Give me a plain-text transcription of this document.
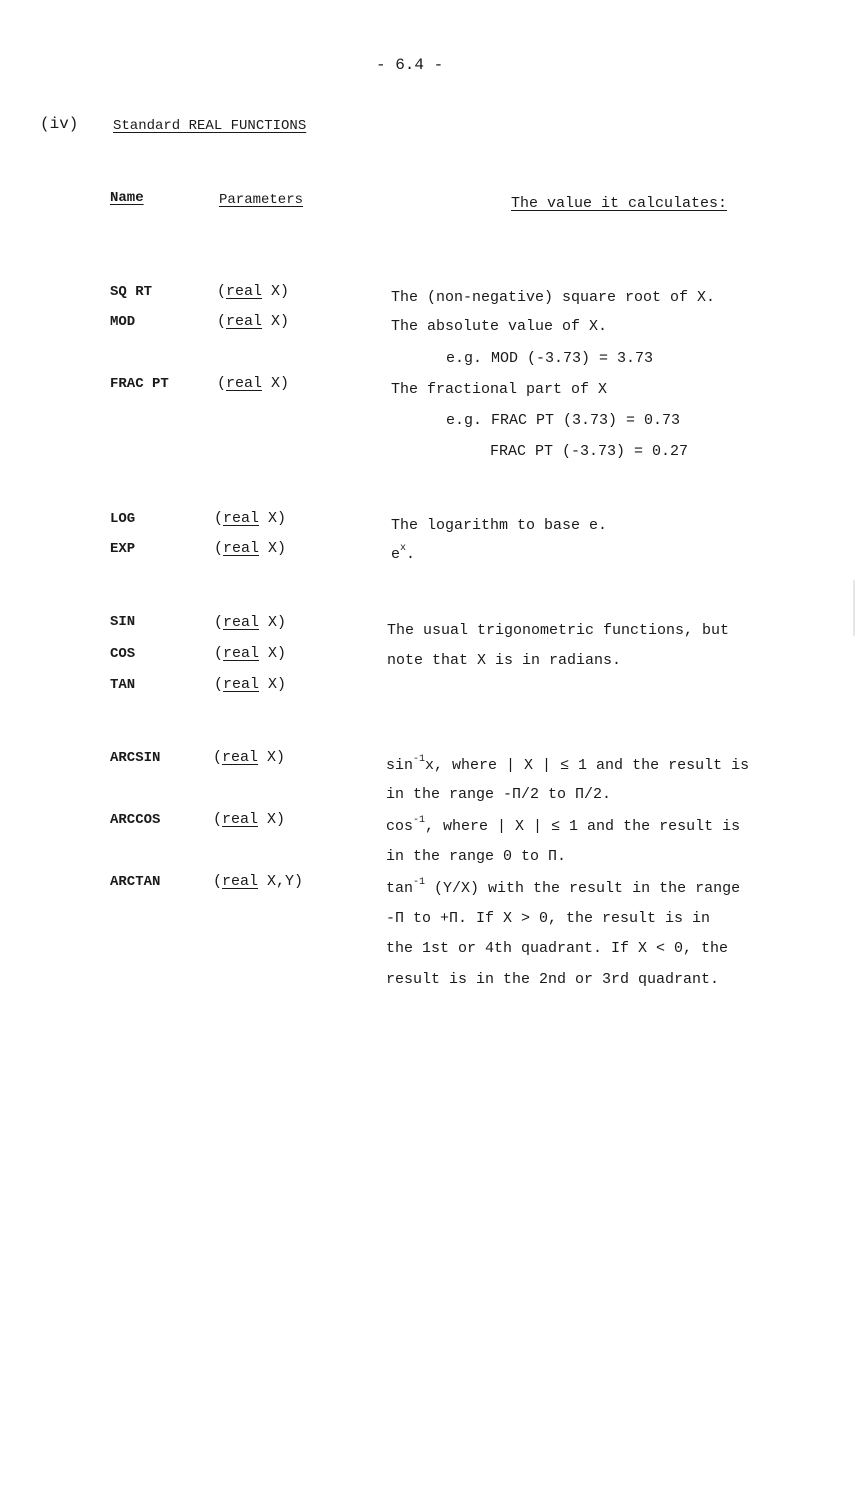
- 6.4 -
(iv) Standard REAL FUNCTIONS
Name	Parameters	The value it calculates:
SQ RT
MOD
FRAC PT
LOG
EXP
SIN
COS
TAN
ARCSIN
ARCCOS
ARCTAN
(real X)
(real X)
(real X)
(real X)
(real X)
(real X)
(real X)
(real X)
(real X)
(real X)
(real X,Y)
The (non-negative) square root of X.
The absolute value of X.
e.g. MOD (-3.73) = 3.73
The fractional part of X
e.g. FRAC PT (3.73) = 0.73
FRAC PT (-3.73) = 0.27
The logarithm to base e.
$e^x$.
The usual trigonometric functions, but
note that X is in radians.
$\sin^{-1}x$, where | X | ≤ 1 and the result is
in the range -Π/2 to Π/2.
$\cos^{-1}$, where | X | ≤ 1 and the result is
in the range 0 to Π.
$\tan^{-1} (Y/X)$ with the result in the range
-Π to +Π. If X > 0, the result is in
the 1st or 4th quadrant. If X < 0, the
result is in the 2nd or 3rd quadrant.
